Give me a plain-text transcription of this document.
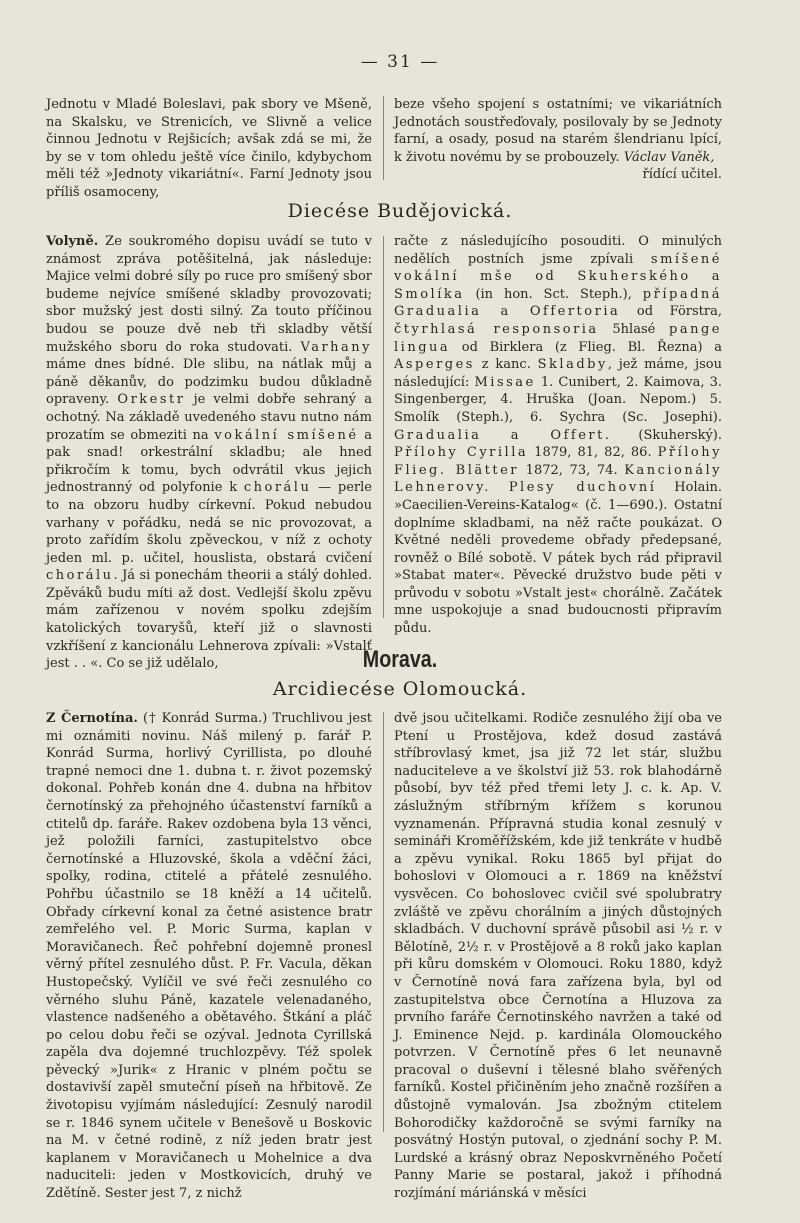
— 31 —

Jednotu v Mladé Boleslavi, pak sbory ve Mšeně, na Skalsku, ve Strenicích, ve Slivně a velice činnou Jednotu v Rejšicích; avšak zdá se mi, že by se v tom ohledu ještě více činilo, kdybychom měli též »Jednoty vikariátní«. Farní Jednoty jsou příliš osamoceny,

beze všeho spojení s ostatními; ve vikariátních Jednotách soustřeďovaly, posilovaly by se Jednoty farní, a osady, posud na starém šlendrianu lpící, k životu novému by se probouzely. Václav Vaněk,

řídící učitel.

Diecése Budějovická.

Volyně. Ze soukromého dopisu uvádí se tuto v známost zpráva potěšitelná, jak následuje: Majice velmi dobré síly po ruce pro smíšený sbor budeme nejvíce smíšené skladby provozovati; sbor mužský jest dosti silný. Za touto příčinou budou se pouze dvě neb tři skladby větší mužského sboru do roka studovati. Varhany máme dnes bídné. Dle slibu, na nátlak můj a páně děkanův, do podzimku budou důkladně opraveny. Orkestr je velmi dobře sehraný a ochotný. Na základě uvedeného stavu nutno nám prozatím se obmeziti na vokální smíšené a pak snad! orkestrální skladbu; ale hned přikročím k tomu, bych odvrátil vkus jejich jednostranný od polyfonie k chorálu — perle to na obzoru hudby církevní. Pokud nebudou varhany v pořádku, nedá se nic provozovat, a proto zařídím školu zpěveckou, v níž z ochoty jeden ml. p. učitel, houslista, obstará cvičení chorálu. Já si ponechám theorii a stálý dohled. Zpěváků budu míti až dost. Vedlejší školu zpěvu mám zařízenou v novém spolku zdejším katolických tovaryšů, kteří již o slavnosti vzkříšení z kancionálu Lehnerova zpívali: »Vstalť jest . . «. Co se již udělalo,

račte z následujícího posouditi. O minulých nedělích postních jsme zpívali smíšené vokální mše od Skuherského a Smolíka (in hon. Sct. Steph.), případná Gradualia a Offertoria od Förstra, čtyrhlasá responsoria 5hlasé pange lingua od Birklera (z Flieg. Bl. Řezna) a Asperges z kanc. Skladby, jež máme, jsou následující: Missae 1. Cunibert, 2. Kaimova, 3. Singenberger, 4. Hruška (Joan. Nepom.) 5. Smolík (Steph.), 6. Sychra (Sc. Josephi). Gradualia a Offert. (Skuherský). Přílohy Cyrilla 1879, 81, 82, 86. Přílohy Flieg. Blätter 1872, 73, 74. Kancionály Lehnerovy. Plesy duchovní Holain. »Caecilien-Vereins-Katalog« (č. 1—690.). Ostatní doplníme skladbami, na něž račte poukázat. O Květné neděli provedeme obřady předepsané, rovněž o Bílé sobotě. V pátek bych rád připravil »Stabat mater«. Pěvecké družstvo bude pěti v průvodu v sobotu »Vstalt jest« chorálně. Začátek mne uspokojuje a snad budoucnosti připravím půdu.

Morava.
Arcidiecése Olomoucká.

Z Černotína. († Konrád Surma.) Truchlivou jest mi oznámiti novinu. Náš milený p. farář P. Konrád Surma, horlivý Cyrillista, po dlouhé trapné nemoci dne 1. dubna t. r. život pozemský dokonal. Pohřeb konán dne 4. dubna na hřbitov černotínský za přehojného účastenství farníků a ctitelů dp. faráře. Rakev ozdobena byla 13 věnci, jež položili farníci, zastupitelstvo obce černotínské a Hluzovské, škola a vděční žáci, spolky, rodina, ctitelé a přátelé zesnulého. Pohřbu účastnilo se 18 kněží a 14 učitelů. Obřady církevní konal za četné asistence bratr zemřelého vel. P. Moric Surma, kaplan v Moravičanech. Řeč pohřební dojemně pronesl věrný přítel zesnulého důst. P. Fr. Vacula, děkan Hustopečský. Vylíčil ve své řeči zesnulého co věrného sluhu Páně, kazatele velenadaného, vlastence nadšeného a obětavého. Štkání a pláč po celou dobu řeči se ozýval. Jednota Cyrillská zapěla dva dojemné truchlozpěvy. Též spolek pěvecký »Jurik« z Hranic v plném počtu se dostavivší zapěl smuteční píseň na hřbitově. Ze životopisu vyjímám následující: Zesnulý narodil se r. 1846 synem učitele v Benešově u Boskovic na M. v četné rodině, z níž jeden bratr jest kaplanem v Moravičanech u Mohelnice a dva naduciteli: jeden v Mostkovicích, druhý ve Zdětíně. Sester jest 7, z nichž

dvě jsou učitelkami. Rodiče zesnulého žijí oba ve Ptení u Prostějova, kdež dosud zastává stříbrovlasý kmet, jsa již 72 let stár, službu naduciteleve a ve školství již 53. rok blahodárně působí, byv též před třemi lety J. c. k. Ap. V. záslužným stříbrným křížem s korunou vyznamenán. Přípravná studia konal zesnulý v semináři Kroměřížském, kde již tenkráte v hudbě a zpěvu vynikal. Roku 1865 byl přijat do bohoslovi v Olomouci a r. 1869 na kněžství vysvěcen. Co bohoslovec cvičil své spolubratry zvláště ve zpěvu chorálním a jiných důstojných skladbách. V duchovní správě působil asi ½ r. v Bělotíně, 2½ r. v Prostějově a 8 roků jako kaplan při kůru domském v Olomouci. Roku 1880, když v Černotíně nová fara zařízena byla, byl od zastupitelstva obce Černotína a Hluzova za prvního faráře Černotinského navržen a také od J. Eminence Nejd. p. kardinála Olomouckého potvrzen. V Černotíně přes 6 let neunavně pracoval o duševní i tělesné blaho svěřených farníků. Kostel přičiněním jeho značně rozšířen a důstojně vymalován. Jsa zbožným ctitelem Bohorodičky každoročně se svými farníky na posvátný Hostýn putoval, o zjednání sochy P. M. Lurdské a krásný obraz Neposkvrněného Početí Panny Marie se postaral, jakož i příhodná rozjímání máriánská v měsíci
